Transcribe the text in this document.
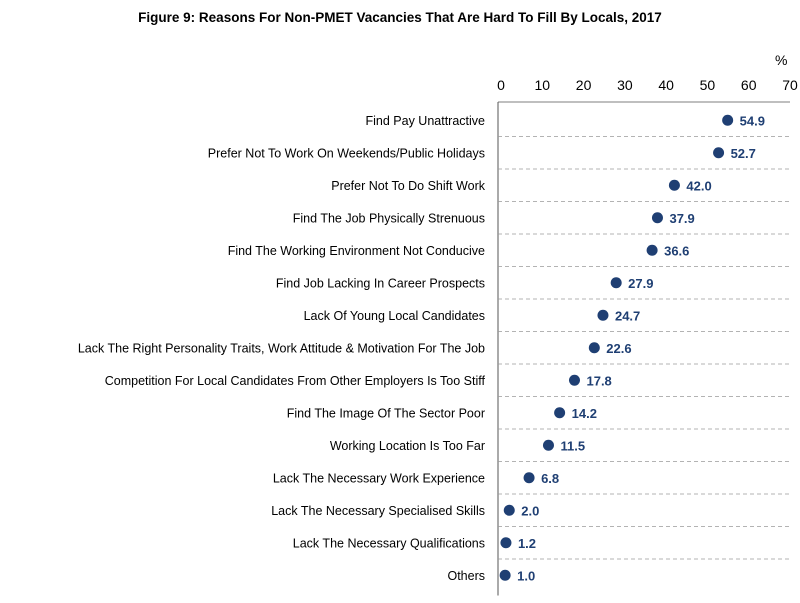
Figure 9: Reasons For Non-PMET Vacancies That Are Hard To Fill By Locals, 2017
%
0 10 20 30 40 50 60 70
Find Pay Unattractive	54.9
Prefer Not To Work On Weekends/Public Holidays	52.7
Prefer Not To Do Shift Work	42.0
Find The Job Physically Strenuous	37.9
Find The Working Environment Not Conducive	36.6
Find Job Lacking In Career Prospects	27.9
Lack Of Young Local Candidates	24.7
Lack The Right Personality Traits, Work Attitude & Motivation For The Job	22.6
Competition For Local Candidates From Other Employers Is Too Stiff	17.8
Find The Image Of The Sector Poor	14.2
Working Location Is Too Far	11.5
Lack The Necessary Work Experience	6.8
Lack The Necessary Specialised Skills	2.0
Lack The Necessary Qualifications	1.2
Others 1.0
